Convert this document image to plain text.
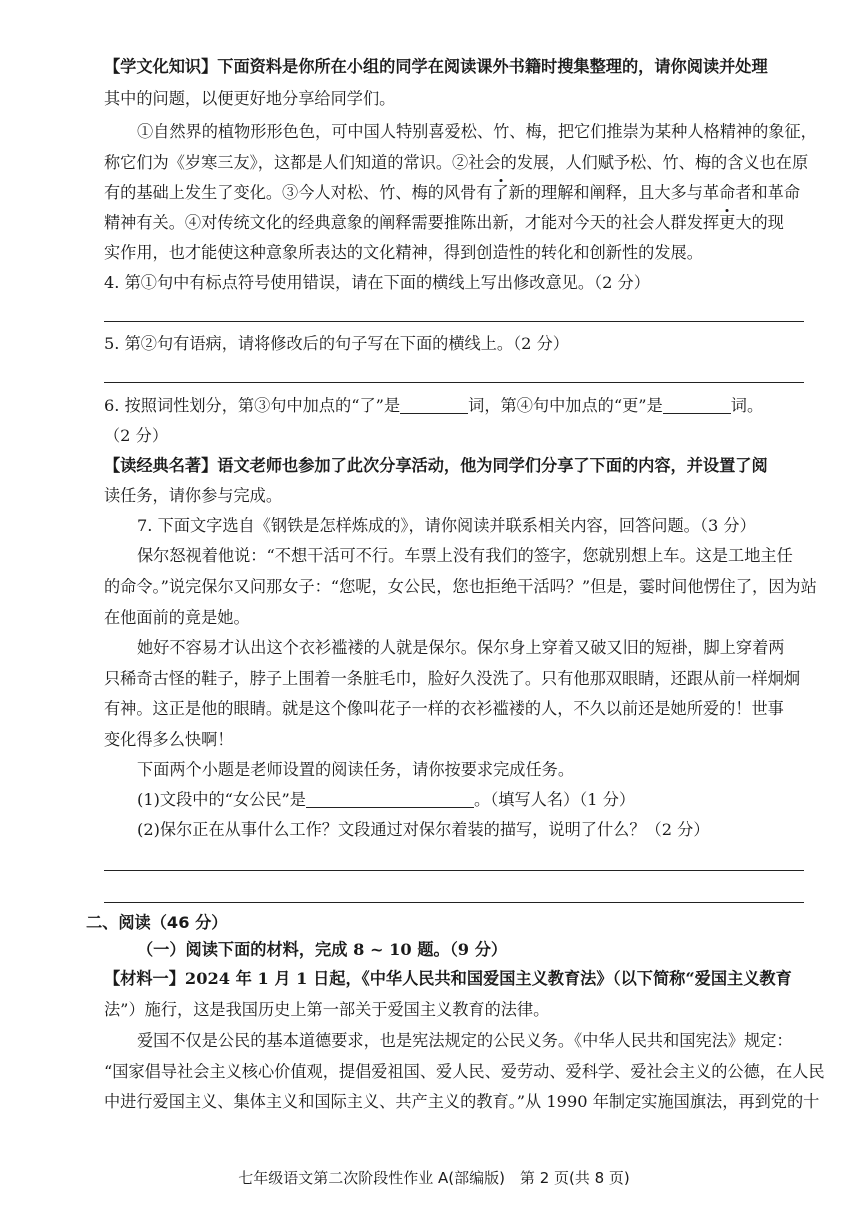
【学文化知识】下面资料是你所在小组的同学在阅读课外书籍时搜集整理的，请你阅读并处理
其中的问题，以便更好地分享给同学们。
①自然界的植物形形色色，可中国人特别喜爱松、竹、梅，把它们推崇为某种人格精神的象征，
称它们为《岁寒三友》，这都是人们知道的常识。②社会的发展，人们赋予松、竹、梅的含义也在原
有的基础上发生了变化。③今人对松、竹、梅的风骨有了新的理解和阐释，且大多与革命者和革命
精神有关。④对传统文化的经典意象的阐释需要推陈出新，才能对今天的社会人群发挥更大的现
实作用，也才能使这种意象所表达的文化精神，得到创造性的转化和创新性的发展。
4. 第①句中有标点符号使用错误，请在下面的横线上写出修改意见。（2 分）
5. 第②句有语病，请将修改后的句子写在下面的横线上。（2 分）
6. 按照词性划分，第③句中加点的“了”是	词，第④句中加点的“更”是	词。
（2 分）
【读经典名著】语文老师也参加了此次分享活动，他为同学们分享了下面的内容，并设置了阅
读任务，请你参与完成。
7. 下面文字选自《钢铁是怎样炼成的》，请你阅读并联系相关内容，回答问题。（3 分）
保尔怒视着他说：“不想干活可不行。车票上没有我们的签字，您就别想上车。这是工地主任
的命令。”说完保尔又问那女子：“您呢，女公民，您也拒绝干活吗？”但是，霎时间他愣住了，因为站
在他面前的竟是她。
她好不容易才认出这个衣衫褴褛的人就是保尔。保尔身上穿着又破又旧的短褂，脚上穿着两
只稀奇古怪的鞋子，脖子上围着一条脏毛巾，脸好久没洗了。只有他那双眼睛，还跟从前一样炯炯
有神。这正是他的眼睛。就是这个像叫花子一样的衣衫褴褛的人，不久以前还是她所爱的！世事
变化得多么快啊！
下面两个小题是老师设置的阅读任务，请你按要求完成任务。
(1)文段中的“女公民”是	。（填写人名）（1 分）
(2)保尔正在从事什么工作？文段通过对保尔着装的描写，说明了什么？（2 分）
二、阅读（46 分）
（一）阅读下面的材料，完成 8 ~ 10 题。（9 分）
【材料一】2024 年 1 月 1 日起，《中华人民共和国爱国主义教育法》（以下简称“爱国主义教育
法”）施行，这是我国历史上第一部关于爱国主义教育的法律。
爱国不仅是公民的基本道德要求，也是宪法规定的公民义务。《中华人民共和国宪法》规定：
“国家倡导社会主义核心价值观，提倡爱祖国、爱人民、爱劳动、爱科学、爱社会主义的公德，在人民
中进行爱国主义、集体主义和国际主义、共产主义的教育。”从 1990 年制定实施国旗法，再到党的十
七年级语文第二次阶段性作业 A(部编版)　第 2 页(共 8 页)
